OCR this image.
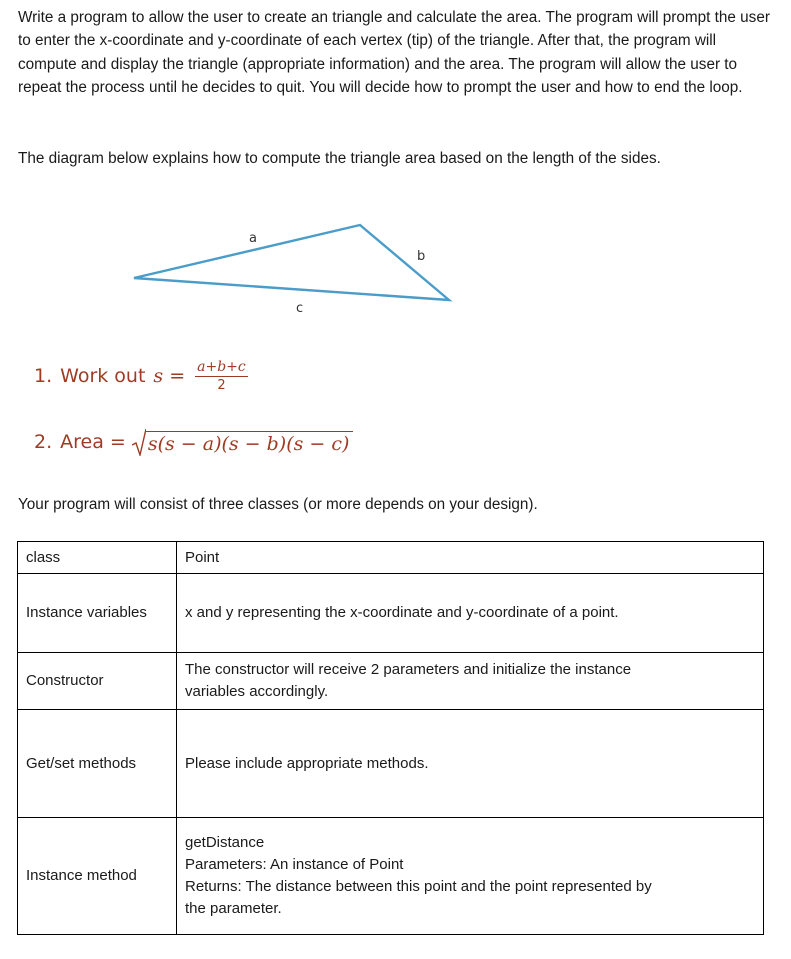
Write a program to allow the user to create an triangle and calculate the area. The program will prompt the user to enter the x-coordinate and y-coordinate of each vertex (tip) of the triangle. After that, the program will compute and display the triangle (appropriate information) and the area. The program will allow the user to repeat the process until he decides to quit. You will decide how to prompt the user and how to end the loop.

The diagram below explains how to compute the triangle area based on the length of the sides.

a
b
c
1. Work out $s = \frac{a+b+c}{2}$
2. Area = s(s − a)(s − b)(s − c)

Your program will consist of three classes (or more depends on your design).

class	Point
Instance variables	x and y representing the x-coordinate and y-coordinate of a point.

Constructor	The constructor will receive 2 parameters and initialize the instance
variables accordingly.

Get/set methods	Please include appropriate methods.

Instance method	getDistance
Parameters: An instance of Point
Returns: The distance between this point and the point represented by
the parameter.
